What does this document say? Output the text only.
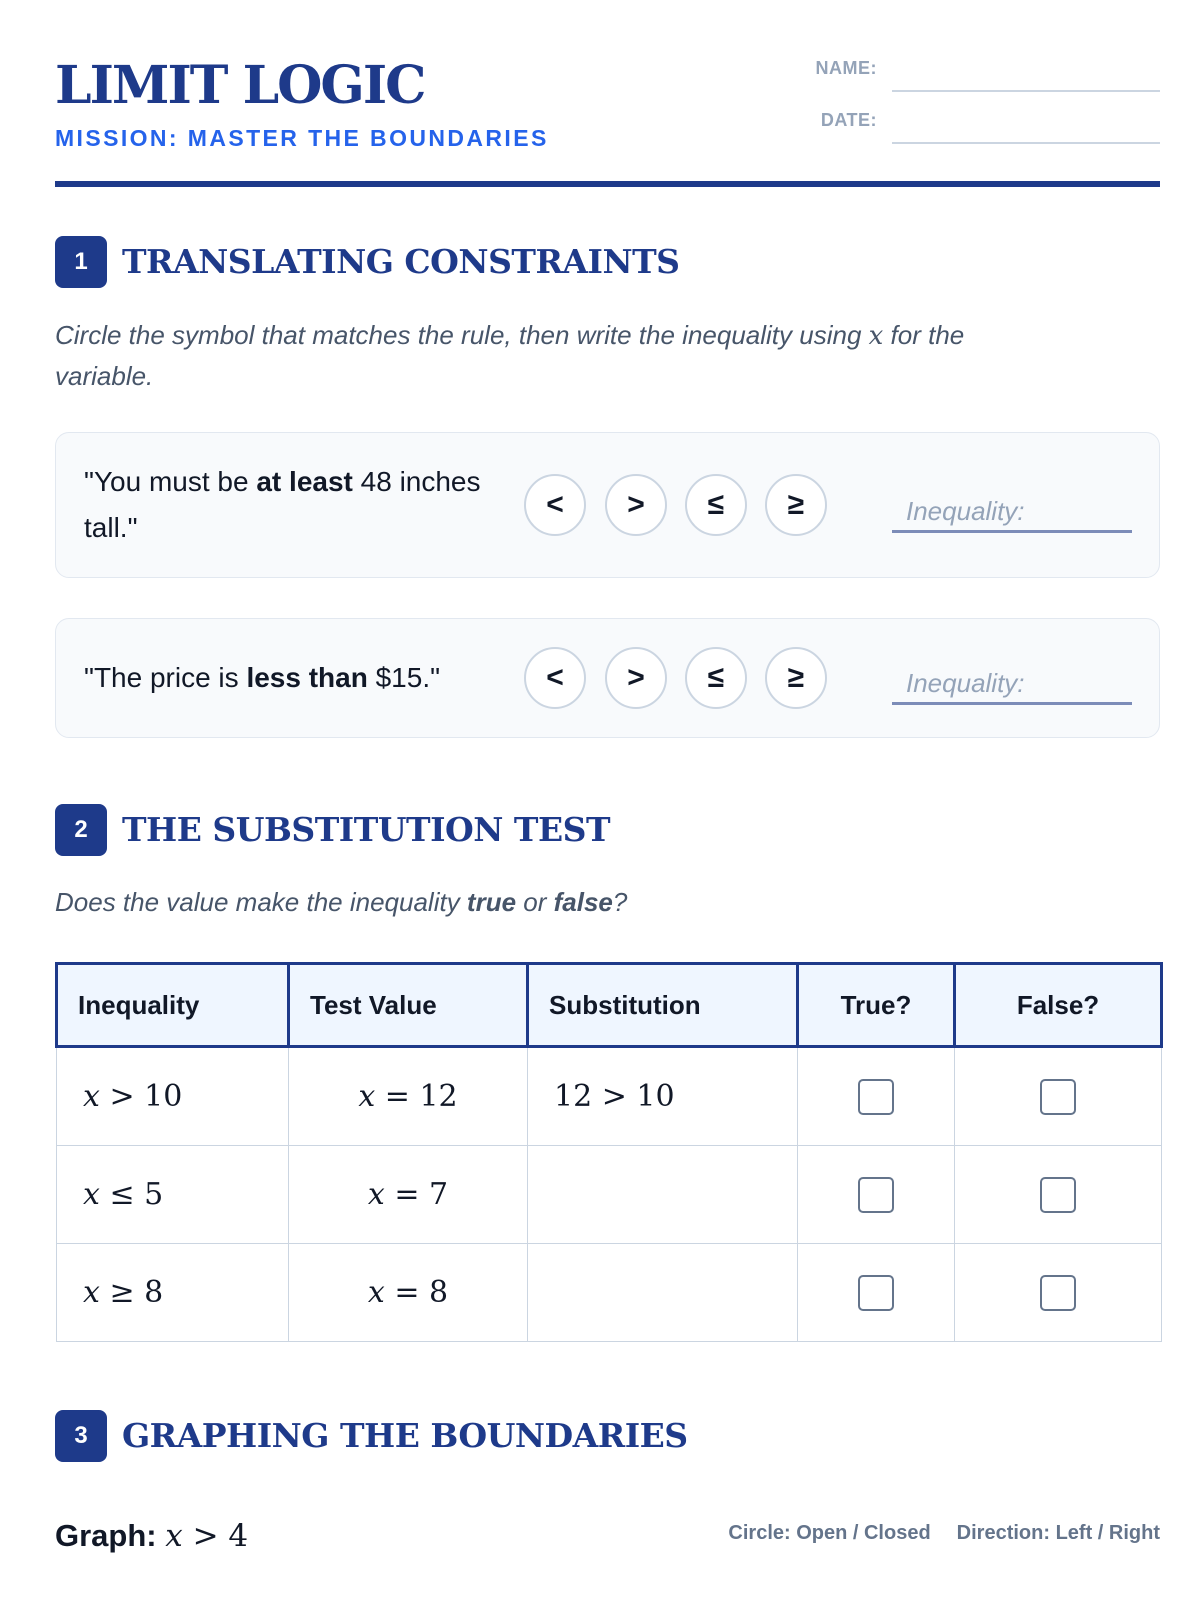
LIMIT LOGIC
MISSION: MASTER THE BOUNDARIES
NAME:
DATE:
1	TRANSLATING CONSTRAINTS
Circle the symbol that matches the rule, then write the inequality using x for the variable.
"You must be at least 48 inches tall."
<	>	≤	≥	Inequality:
"The price is less than $15."	<	>	≤	≥	Inequality:
2	THE SUBSTITUTION TEST
Does the value make the inequality true or false?
Inequality	Test Value	Substitution	True?	False?
x > 10	x = 12	12 > 10		
x ≤ 5	x = 7			
x ≥ 8	x = 8			
3	GRAPHING THE BOUNDARIES
Graph: x > 4	Circle: Open / Closed Direction: Left / Right
